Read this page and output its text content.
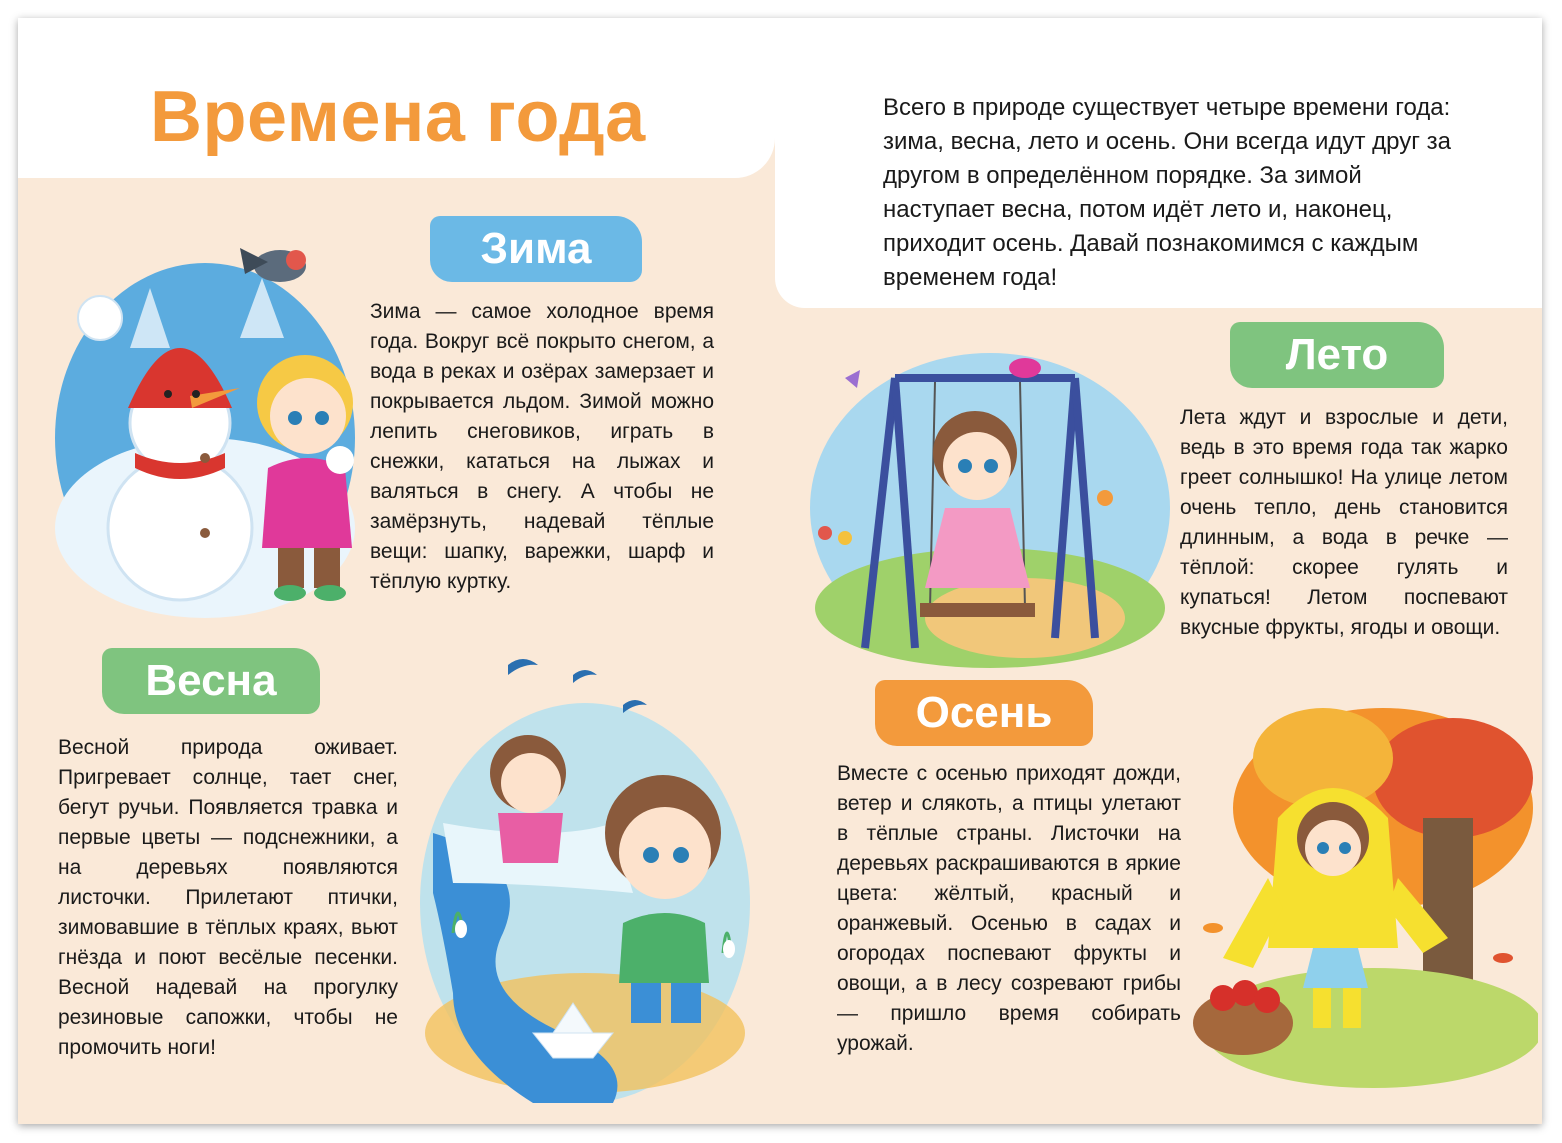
Времена года
Зима

Зима — самое холодное время года. Вокруг всё покрыто снегом, а вода в реках и озёрах замерзает и покрывается льдом. Зимой можно лепить снеговиков, играть в снежки, кататься на лыжах и валяться в снегу. А чтобы не замёрзнуть, надевай тёплые вещи: шапку, варежки, шарф и тёплую куртку.

Весна

Весной природа оживает. Пригревает солнце, тает снег, бегут ручьи. Появляется травка и первые цветы — подснежники, а на деревьях появляются листочки. Прилетают птички, зимовавшие в тёплых краях, вьют гнёзда и поют весёлые песенки. Весной надевай на прогулку резиновые сапожки, чтобы не промочить ноги!

Всего в природе существует четыре времени года: зима, весна, лето и осень. Они всегда идут друг за другом в определённом порядке. За зимой наступает весна, потом идёт лето и, наконец, приходит осень. Давай познакомимся с каждым временем года!

Лето

Лета ждут и взрослые и дети, ведь в это время года так жарко греет солнышко! На улице летом очень тепло, день становится длинным, а вода в речке — тёплой: скорее гулять и купаться! Летом поспевают вкусные фрукты, ягоды и овощи.

Осень

Вместе с осенью приходят дожди, ветер и слякоть, а птицы улетают в тёплые страны. Листочки на деревьях раскрашиваются в яркие цвета: жёлтый, красный и оранжевый. Осенью в садах и огородах поспевают фрукты и овощи, а в лесу созревают грибы — пришло время собирать урожай.
